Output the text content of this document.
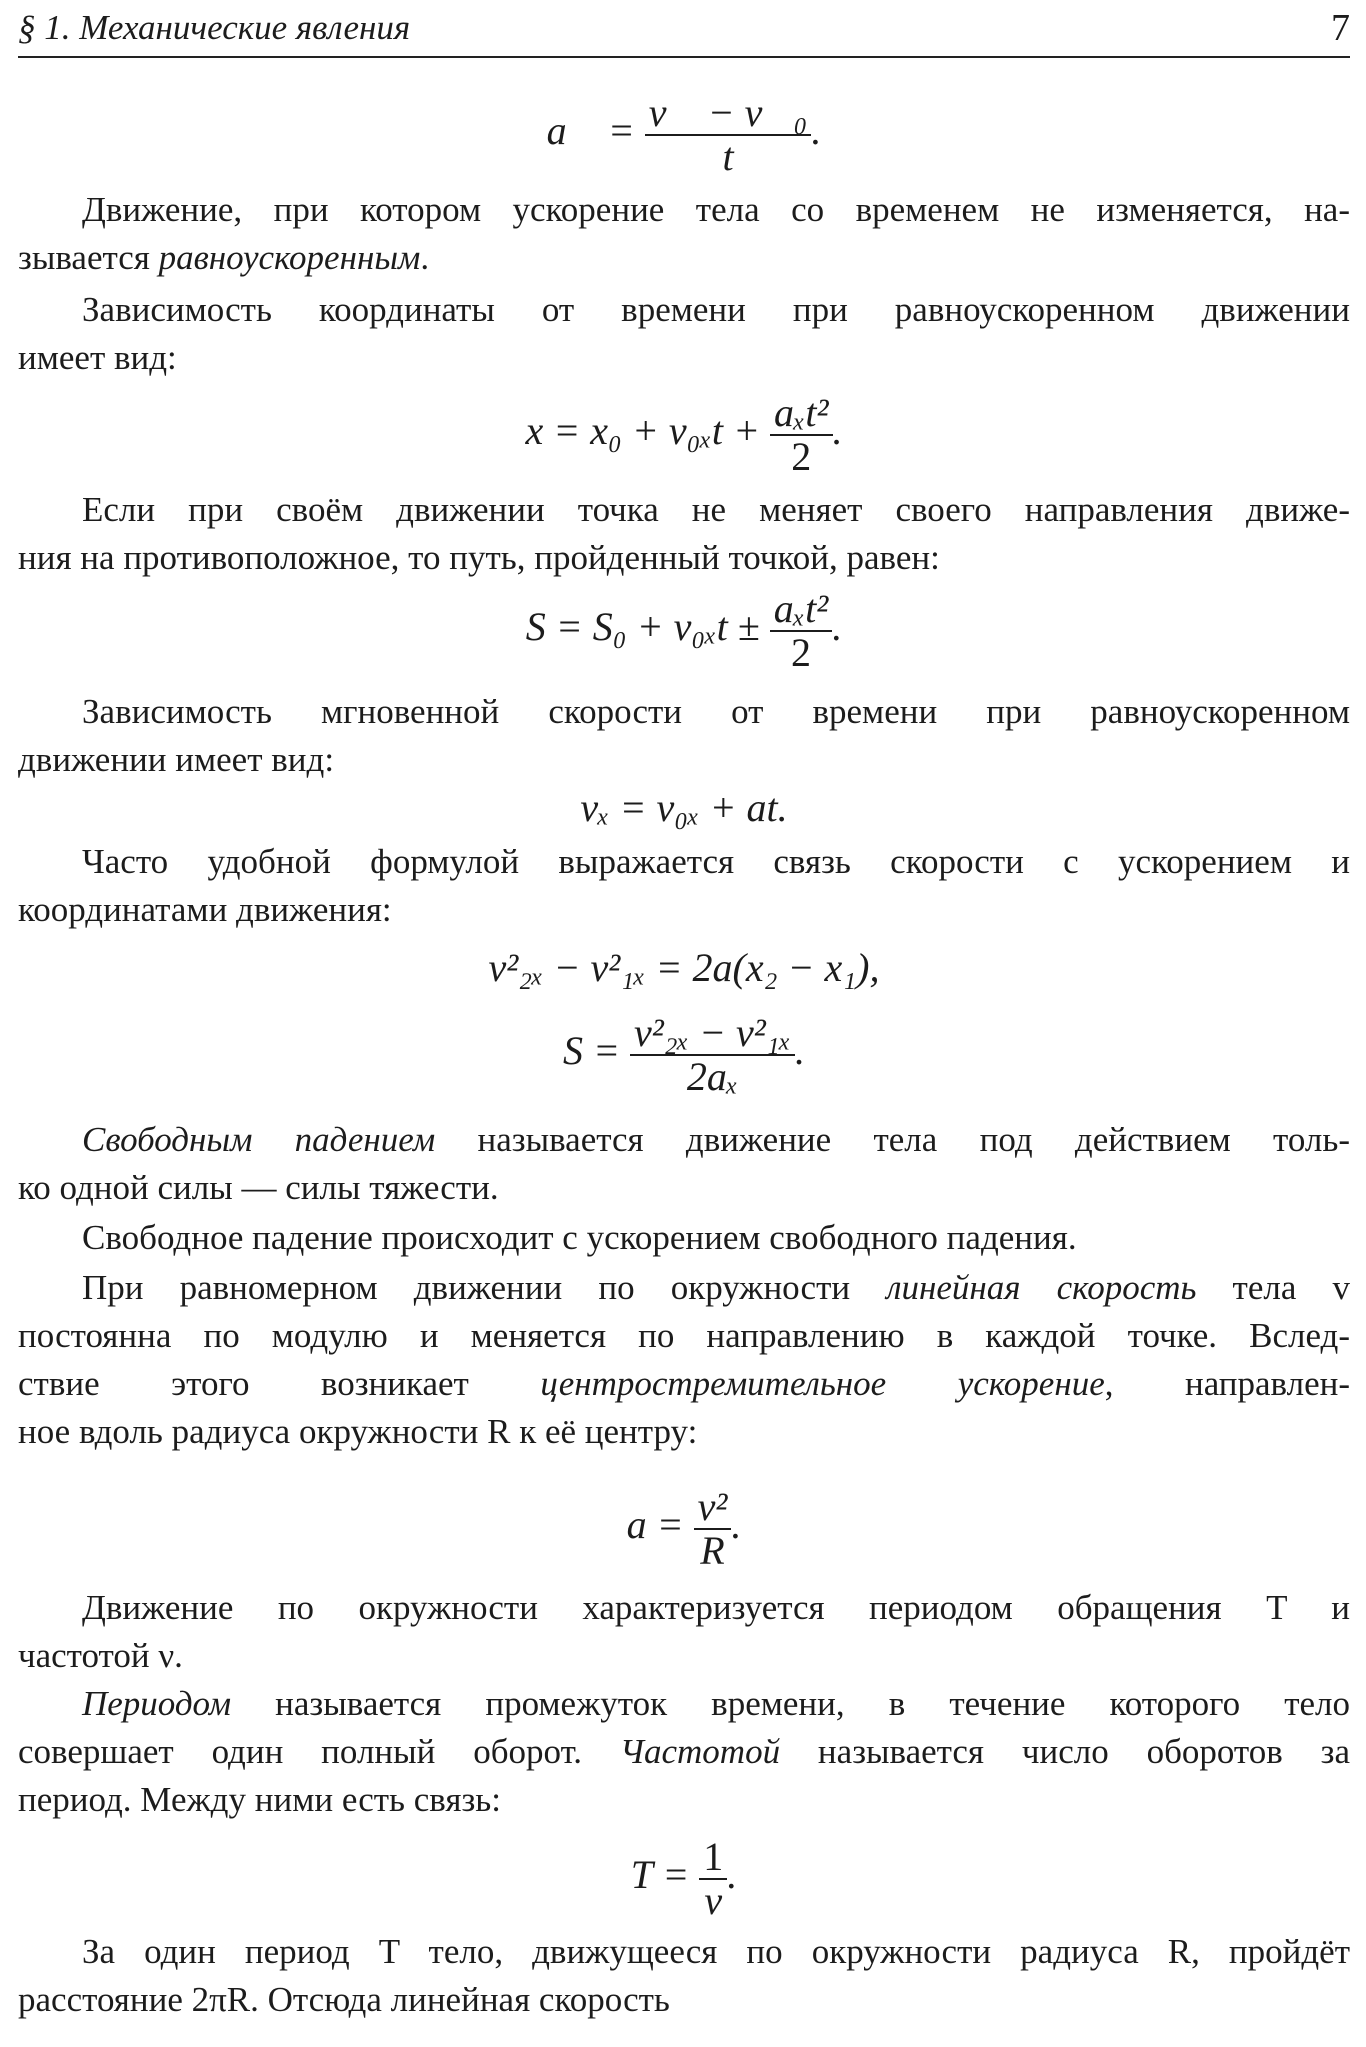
§ 1. Механические явления	7
a⃗ = $\frac{\text{v⃗ − v⃗₀}}{t}$ .

Движение, при котором ускорение тела со временем не изменяется, на-
зывается равноускоренным.

Зависимость координаты от времени при равноускоренном движении
имеет вид:

$x = x_0 + v_{0x}t + \frac{\text{aₓt²}}{2}$ .

Если при своём движении точка не меняет своего направления движе-
ния на противоположное, то путь, пройденный точкой, равен:

$S = S_0 + v_{0x}t \pm \frac{\text{aₓt²}}{2}$ .

Зависимость мгновенной скорости от времени при равноускоренном
движении имеет вид:

vₓ = v₀ₓ + at.

Часто удобной формулой выражается связь скорости с ускорением и
координатами движения:

v²₂ₓ − v²₁ₓ = 2a(x₂ − x₁),
$S = \frac{\text{v²₂ₓ − v²₁ₓ}}{\text{2aₓ}}$ .

Свободным падением называется движение тела под действием толь-
ко одной силы — силы тяжести.

Свободное падение происходит с ускорением свободного падения.

При равномерном движении по окружности линейная скорость тела v
постоянна по модулю и меняется по направлению в каждой точке. Вслед-
ствие этого возникает центростремительное ускорение, направлен-
ное вдоль радиуса окружности R к её центру:

$a = \frac{\text{v²}}{R}$ .

Движение по окружности характеризуется периодом обращения T и
частотой ν.

Периодом называется промежуток времени, в течение которого тело
совершает один полный оборот. Частотой называется число оборотов за
период. Между ними есть связь:

$T = \frac{1}{\nu}$ .

За один период T тело, движущееся по окружности радиуса R, пройдёт
расстояние 2πR. Отсюда линейная скорость
